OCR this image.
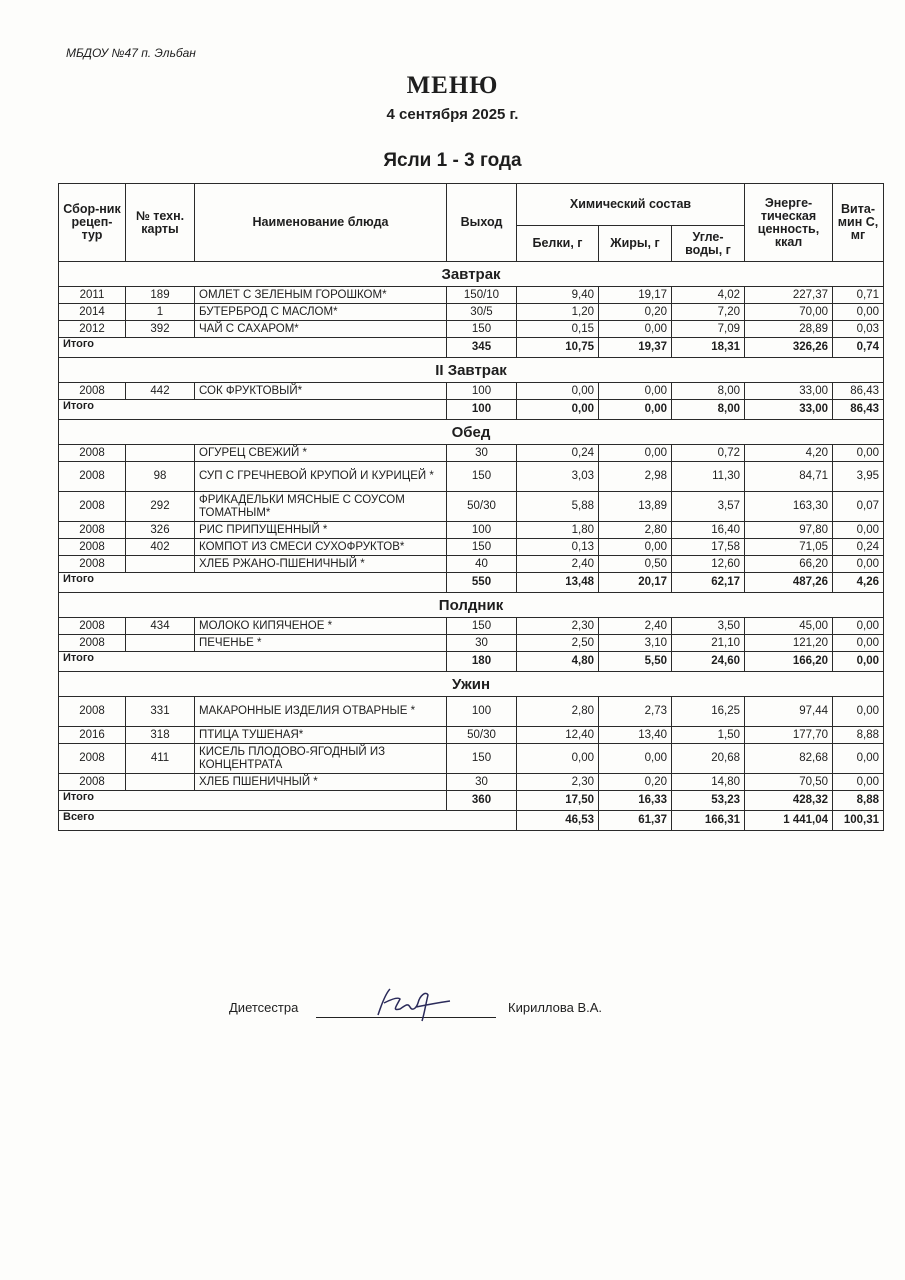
МБДОУ №47 п. Эльбан
МЕНЮ
4 сентября 2025 г.
Ясли 1 - 3 года
Сбор-ник рецеп-тур	№ техн. карты	Наименование блюда	Выход	Химический состав			Энерге-тическая ценность, ккал	Вита-мин С, мг
				Белки, г	Жиры, г	Угле-воды, г		
Завтрак								
2011	189	ОМЛЕТ С ЗЕЛЕНЫМ ГОРОШКОМ*	150/10	9,40	19,17	4,02	227,37	0,71
2014	1	БУТЕРБРОД С МАСЛОМ*	30/5	1,20	0,20	7,20	70,00	0,00
2012	392	ЧАЙ С САХАРОМ*	150	0,15	0,00	7,09	28,89	0,03
Итого			345	10,75	19,37	18,31	326,26	0,74
II Завтрак								
2008	442	СОК ФРУКТОВЫЙ*	100	0,00	0,00	8,00	33,00	86,43
Итого			100	0,00	0,00	8,00	33,00	86,43
Обед								
2008		ОГУРЕЦ СВЕЖИЙ *	30	0,24	0,00	0,72	4,20	0,00
2008	98	СУП С ГРЕЧНЕВОЙ КРУПОЙ И КУРИЦЕЙ *	150	3,03	2,98	11,30	84,71	3,95
2008	292	ФРИКАДЕЛЬКИ МЯСНЫЕ С СОУСОМ ТОМАТНЫМ*	50/30	5,88	13,89	3,57	163,30	0,07
2008	326	РИС ПРИПУЩЕННЫЙ *	100	1,80	2,80	16,40	97,80	0,00
2008	402	КОМПОТ ИЗ СМЕСИ СУХОФРУКТОВ*	150	0,13	0,00	17,58	71,05	0,24
2008		ХЛЕБ РЖАНО-ПШЕНИЧНЫЙ *	40	2,40	0,50	12,60	66,20	0,00
Итого			550	13,48	20,17	62,17	487,26	4,26
Полдник								
2008	434	МОЛОКО КИПЯЧЕНОЕ *	150	2,30	2,40	3,50	45,00	0,00
2008		ПЕЧЕНЬЕ *	30	2,50	3,10	21,10	121,20	0,00
Итого			180	4,80	5,50	24,60	166,20	0,00
Ужин								
2008	331	МАКАРОННЫЕ ИЗДЕЛИЯ ОТВАРНЫЕ *	100	2,80	2,73	16,25	97,44	0,00
2016	318	ПТИЦА ТУШЕНАЯ*	50/30	12,40	13,40	1,50	177,70	8,88
2008	411	КИСЕЛЬ ПЛОДОВО-ЯГОДНЫЙ ИЗ КОНЦЕНТРАТА	150	0,00	0,00	20,68	82,68	0,00
2008		ХЛЕБ ПШЕНИЧНЫЙ *	30	2,30	0,20	14,80	70,50	0,00
Итого			360	17,50	16,33	53,23	428,32	8,88
Всего				46,53	61,37	166,31	1 441,04	100,31
Диетсестра	Кириллова В.А.
